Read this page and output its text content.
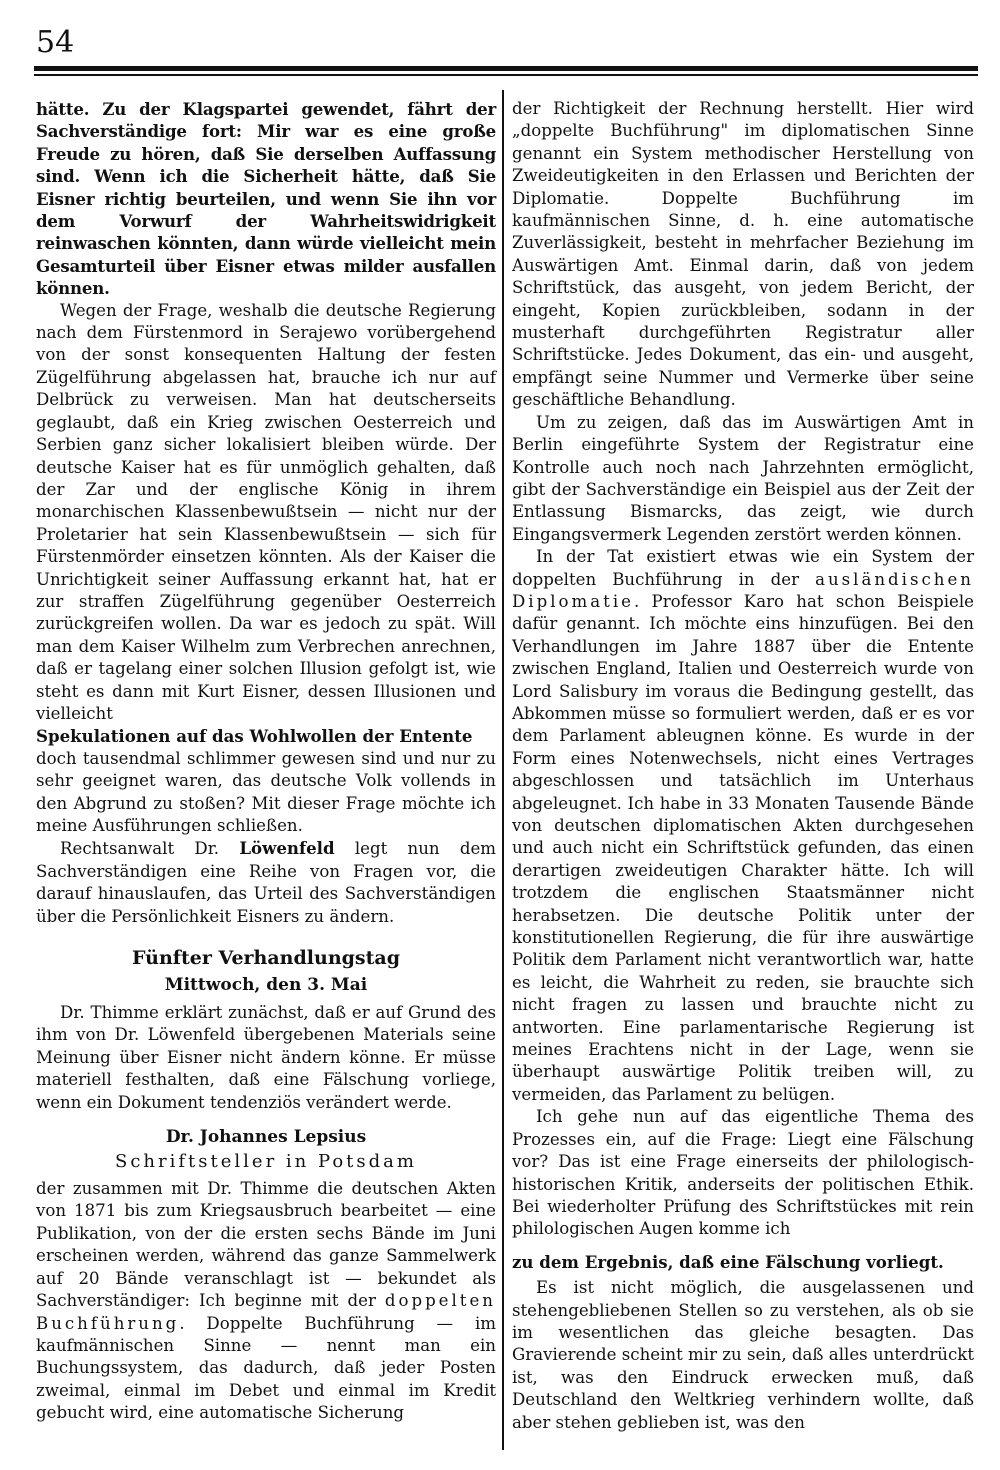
54

hätte. Zu der Klagspartei gewendet, fährt der Sachverständige fort: Mir war es eine große Freude zu hören, daß Sie derselben Auffassung sind. Wenn ich die Sicherheit hätte, daß Sie Eisner richtig beurteilen, und wenn Sie ihn vor dem Vorwurf der Wahrheitswidrigkeit reinwaschen könnten, dann würde vielleicht mein Gesamturteil über Eisner etwas milder ausfallen können.

Wegen der Frage, weshalb die deutsche Regierung nach dem Fürstenmord in Serajewo vorübergehend von der sonst konsequenten Haltung der festen Zügelführung abgelassen hat, brauche ich nur auf Delbrück zu verweisen. Man hat deutscherseits geglaubt, daß ein Krieg zwischen Oesterreich und Serbien ganz sicher lokalisiert bleiben würde. Der deutsche Kaiser hat es für unmöglich gehalten, daß der Zar und der englische König in ihrem monarchischen Klassenbewußtsein — nicht nur der Proletarier hat sein Klassenbewußtsein — sich für Fürstenmörder einsetzen könnten. Als der Kaiser die Unrichtigkeit seiner Auffassung erkannt hat, hat er zur straffen Zügelführung gegenüber Oesterreich zurückgreifen wollen. Da war es jedoch zu spät. Will man dem Kaiser Wilhelm zum Verbrechen anrechnen, daß er tagelang einer solchen Illusion gefolgt ist, wie steht es dann mit Kurt Eisner, dessen Illusionen und vielleicht

Spekulationen auf das Wohlwollen der Entente

doch tausendmal schlimmer gewesen sind und nur zu sehr geeignet waren, das deutsche Volk vollends in den Abgrund zu stoßen? Mit dieser Frage möchte ich meine Ausführungen schließen.

Rechtsanwalt Dr. Löwenfeld legt nun dem Sachverständigen eine Reihe von Fragen vor, die darauf hinauslaufen, das Urteil des Sachverständigen über die Persönlichkeit Eisners zu ändern.

Fünfter Verhandlungstag
Mittwoch, den 3. Mai

Dr. Thimme erklärt zunächst, daß er auf Grund des ihm von Dr. Löwenfeld übergebenen Materials seine Meinung über Eisner nicht ändern könne. Er müsse materiell festhalten, daß eine Fälschung vorliege, wenn ein Dokument tendenziös verändert werde.

Dr. Johannes Lepsius
Schriftsteller in Potsdam

der zusammen mit Dr. Thimme die deutschen Akten von 1871 bis zum Kriegsausbruch bearbeitet — eine Publikation, von der die ersten sechs Bände im Juni erscheinen werden, während das ganze Sammelwerk auf 20 Bände veranschlagt ist — bekundet als Sachverständiger: Ich beginne mit der doppelten Buchführung. Doppelte Buchführung — im kaufmännischen Sinne — nennt man ein Buchungssystem, das dadurch, daß jeder Posten zweimal, einmal im Debet und einmal im Kredit gebucht wird, eine automatische Sicherung

der Richtigkeit der Rechnung herstellt. Hier wird „doppelte Buchführung" im diplomatischen Sinne genannt ein System methodischer Herstellung von Zweideutigkeiten in den Erlassen und Berichten der Diplomatie. Doppelte Buchführung im kaufmännischen Sinne, d. h. eine automatische Zuverlässigkeit, besteht in mehrfacher Beziehung im Auswärtigen Amt. Einmal darin, daß von jedem Schriftstück, das ausgeht, von jedem Bericht, der eingeht, Kopien zurückbleiben, sodann in der musterhaft durchgeführten Registratur aller Schriftstücke. Jedes Dokument, das ein- und ausgeht, empfängt seine Nummer und Vermerke über seine geschäftliche Behandlung.

Um zu zeigen, daß das im Auswärtigen Amt in Berlin eingeführte System der Registratur eine Kontrolle auch noch nach Jahrzehnten ermöglicht, gibt der Sachverständige ein Beispiel aus der Zeit der Entlassung Bismarcks, das zeigt, wie durch Eingangsvermerk Legenden zerstört werden können.

In der Tat existiert etwas wie ein System der doppelten Buchführung in der ausländischen Diplomatie. Professor Karo hat schon Beispiele dafür genannt. Ich möchte eins hinzufügen. Bei den Verhandlungen im Jahre 1887 über die Entente zwischen England, Italien und Oesterreich wurde von Lord Salisbury im voraus die Bedingung gestellt, das Abkommen müsse so formuliert werden, daß er es vor dem Parlament ableugnen könne. Es wurde in der Form eines Notenwechsels, nicht eines Vertrages abgeschlossen und tatsächlich im Unterhaus abgeleugnet. Ich habe in 33 Monaten Tausende Bände von deutschen diplomatischen Akten durchgesehen und auch nicht ein Schriftstück gefunden, das einen derartigen zweideutigen Charakter hätte. Ich will trotzdem die englischen Staatsmänner nicht herabsetzen. Die deutsche Politik unter der konstitutionellen Regierung, die für ihre auswärtige Politik dem Parlament nicht verantwortlich war, hatte es leicht, die Wahrheit zu reden, sie brauchte sich nicht fragen zu lassen und brauchte nicht zu antworten. Eine parlamentarische Regierung ist meines Erachtens nicht in der Lage, wenn sie überhaupt auswärtige Politik treiben will, zu vermeiden, das Parlament zu belügen.

Ich gehe nun auf das eigentliche Thema des Prozesses ein, auf die Frage: Liegt eine Fälschung vor? Das ist eine Frage einerseits der philologisch-historischen Kritik, anderseits der politischen Ethik. Bei wiederholter Prüfung des Schriftstückes mit rein philologischen Augen komme ich

zu dem Ergebnis, daß eine Fälschung vorliegt.

Es ist nicht möglich, die ausgelassenen und stehengebliebenen Stellen so zu verstehen, als ob sie im wesentlichen das gleiche besagten. Das Gravierende scheint mir zu sein, daß alles unterdrückt ist, was den Eindruck erwecken muß, daß Deutschland den Weltkrieg verhindern wollte, daß aber stehen geblieben ist, was den
